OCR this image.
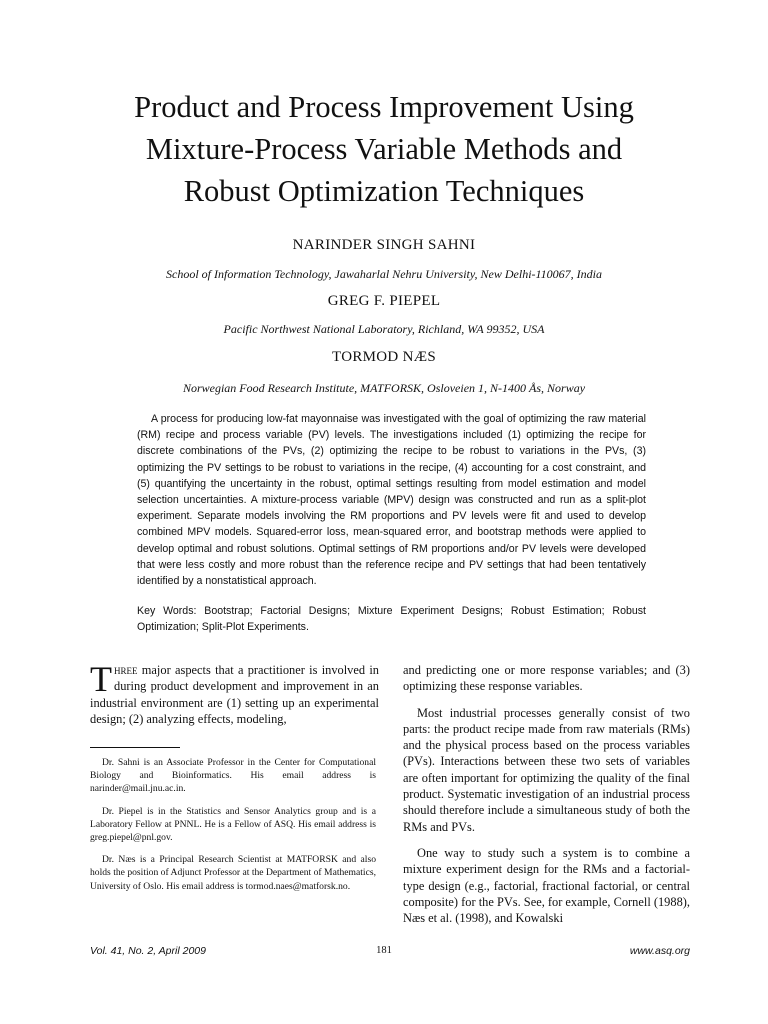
Product and Process Improvement Using
Mixture-Process Variable Methods and
Robust Optimization Techniques
NARINDER SINGH SAHNI

School of Information Technology, Jawaharlal Nehru University, New Delhi-110067, India

GREG F. PIEPEL

Pacific Northwest National Laboratory, Richland, WA 99352, USA

TORMOD NÆS

Norwegian Food Research Institute, MATFORSK, Osloveien 1, N-1400 Ås, Norway

A process for producing low-fat mayonnaise was investigated with the goal of optimizing the raw material (RM) recipe and process variable (PV) levels. The investigations included (1) optimizing the recipe for discrete combinations of the PVs, (2) optimizing the recipe to be robust to variations in the PVs, (3) optimizing the PV settings to be robust to variations in the recipe, (4) accounting for a cost constraint, and (5) quantifying the uncertainty in the robust, optimal settings resulting from model estimation and model selection uncertainties. A mixture-process variable (MPV) design was constructed and run as a split-plot experiment. Separate models involving the RM proportions and PV levels were fit and used to develop combined MPV models. Squared-error loss, mean-squared error, and bootstrap methods were applied to develop optimal and robust solutions. Optimal settings of RM proportions and/or PV levels were developed that were less costly and more robust than the reference recipe and PV settings that had been tentatively identified by a nonstatistical approach.

Key Words: Bootstrap; Factorial Designs; Mixture Experiment Designs; Robust Estimation; Robust Optimization; Split-Plot Experiments.

Three major aspects that a practitioner is involved in during product development and improvement in an industrial environment are (1) setting up an experimental design; (2) analyzing effects, modeling,

Dr. Sahni is an Associate Professor in the Center for Computational Biology and Bioinformatics. His email address is narinder@mail.jnu.ac.in.

Dr. Piepel is in the Statistics and Sensor Analytics group and is a Laboratory Fellow at PNNL. He is a Fellow of ASQ. His email address is greg.piepel@pnl.gov.

Dr. Næs is a Principal Research Scientist at MATFORSK and also holds the position of Adjunct Professor at the Department of Mathematics, University of Oslo. His email address is tormod.naes@matforsk.no.

and predicting one or more response variables; and (3) optimizing these response variables.

Most industrial processes generally consist of two parts: the product recipe made from raw materials (RMs) and the physical process based on the process variables (PVs). Interactions between these two sets of variables are often important for optimizing the quality of the final product. Systematic investigation of an industrial process should therefore include a simultaneous study of both the RMs and PVs.

One way to study such a system is to combine a mixture experiment design for the RMs and a factorial-type design (e.g., factorial, fractional factorial, or central composite) for the PVs. See, for example, Cornell (1988), Næs et al. (1998), and Kowalski

Vol. 41, No. 2, April 2009	181	www.asq.org
